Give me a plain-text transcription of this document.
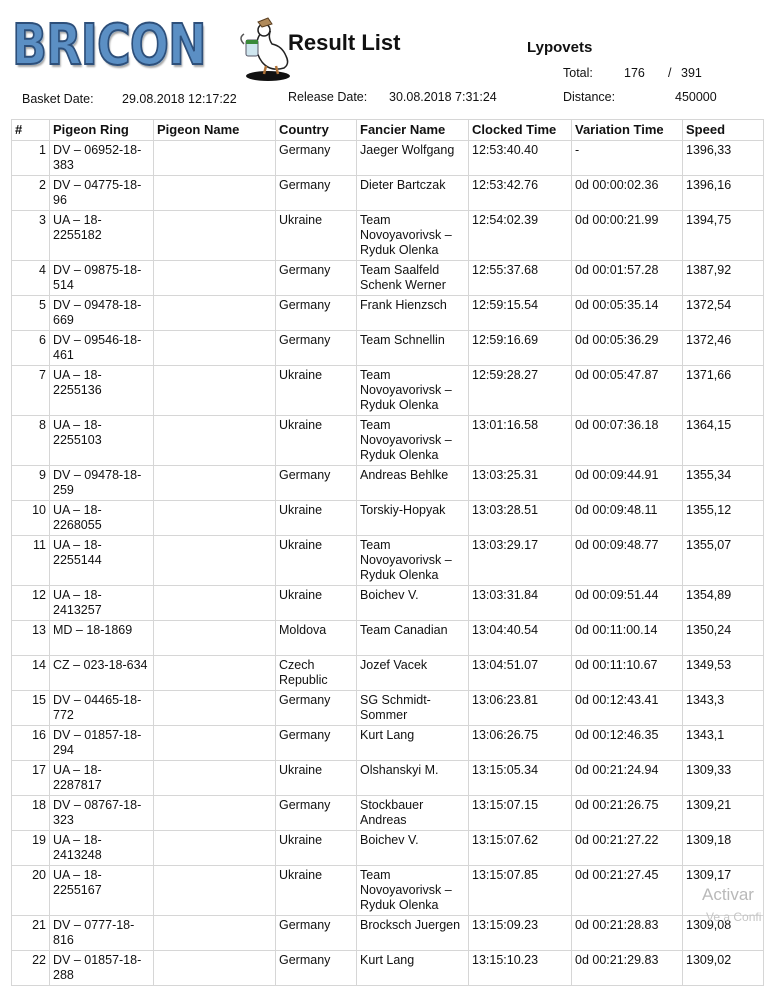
BRICON	Result List	Lypovets
Total: 176 / 391
Basket Date: 29.08.2018 12:17:22	Release Date: 30.08.2018 7:31:24	Distance:	450000
#	Pigeon Ring	Pigeon Name	Country	Fancier Name	Clocked Time	Variation Time	Speed
1	DV – 06952-18-383		Germany	Jaeger Wolfgang	12:53:40.40	-	1396,33
2	DV – 04775-18-96		Germany	Dieter Bartczak	12:53:42.76	0d 00:00:02.36	1396,16
3	UA – 18-2255182		Ukraine	Team Novoyavorivsk – Ryduk Olenka	12:54:02.39	0d 00:00:21.99	1394,75
4	DV – 09875-18-514		Germany	Team Saalfeld Schenk Werner	12:55:37.68	0d 00:01:57.28	1387,92
5	DV – 09478-18-669		Germany	Frank Hienzsch	12:59:15.54	0d 00:05:35.14	1372,54
6	DV – 09546-18-461		Germany	Team Schnellin	12:59:16.69	0d 00:05:36.29	1372,46
7	UA – 18-2255136		Ukraine	Team Novoyavorivsk – Ryduk Olenka	12:59:28.27	0d 00:05:47.87	1371,66
8	UA – 18-2255103		Ukraine	Team Novoyavorivsk – Ryduk Olenka	13:01:16.58	0d 00:07:36.18	1364,15
9	DV – 09478-18-259		Germany	Andreas Behlke	13:03:25.31	0d 00:09:44.91	1355,34
10	UA – 18-2268055		Ukraine	Torskiy-Hopyak	13:03:28.51	0d 00:09:48.11	1355,12
11	UA – 18-2255144		Ukraine	Team Novoyavorivsk – Ryduk Olenka	13:03:29.17	0d 00:09:48.77	1355,07
12	UA – 18-2413257		Ukraine	Boichev V.	13:03:31.84	0d 00:09:51.44	1354,89
13	MD – 18-1869		Moldova	Team Canadian	13:04:40.54	0d 00:11:00.14	1350,24
14	CZ – 023-18-634		Czech Republic	Jozef Vacek	13:04:51.07	0d 00:11:10.67	1349,53
15	DV – 04465-18-772		Germany	SG Schmidt-Sommer	13:06:23.81	0d 00:12:43.41	1343,3
16	DV – 01857-18-294		Germany	Kurt Lang	13:06:26.75	0d 00:12:46.35	1343,1
17	UA – 18-2287817		Ukraine	Olshanskyi M.	13:15:05.34	0d 00:21:24.94	1309,33
18	DV – 08767-18-323		Germany	Stockbauer Andreas	13:15:07.15	0d 00:21:26.75	1309,21
19	UA – 18-2413248		Ukraine	Boichev V.	13:15:07.62	0d 00:21:27.22	1309,18
20	UA – 18-2255167		Ukraine	Team Novoyavorivsk – Ryduk Olenka	13:15:07.85	0d 00:21:27.45	1309,17
21	DV – 0777-18-816		Germany	Brocksch Juergen	13:15:09.23	0d 00:21:28.83	1309,08
22	DV – 01857-18-288		Germany	Kurt Lang	13:15:10.23	0d 00:21:29.83	1309,02
Activar
Ve a Confi
